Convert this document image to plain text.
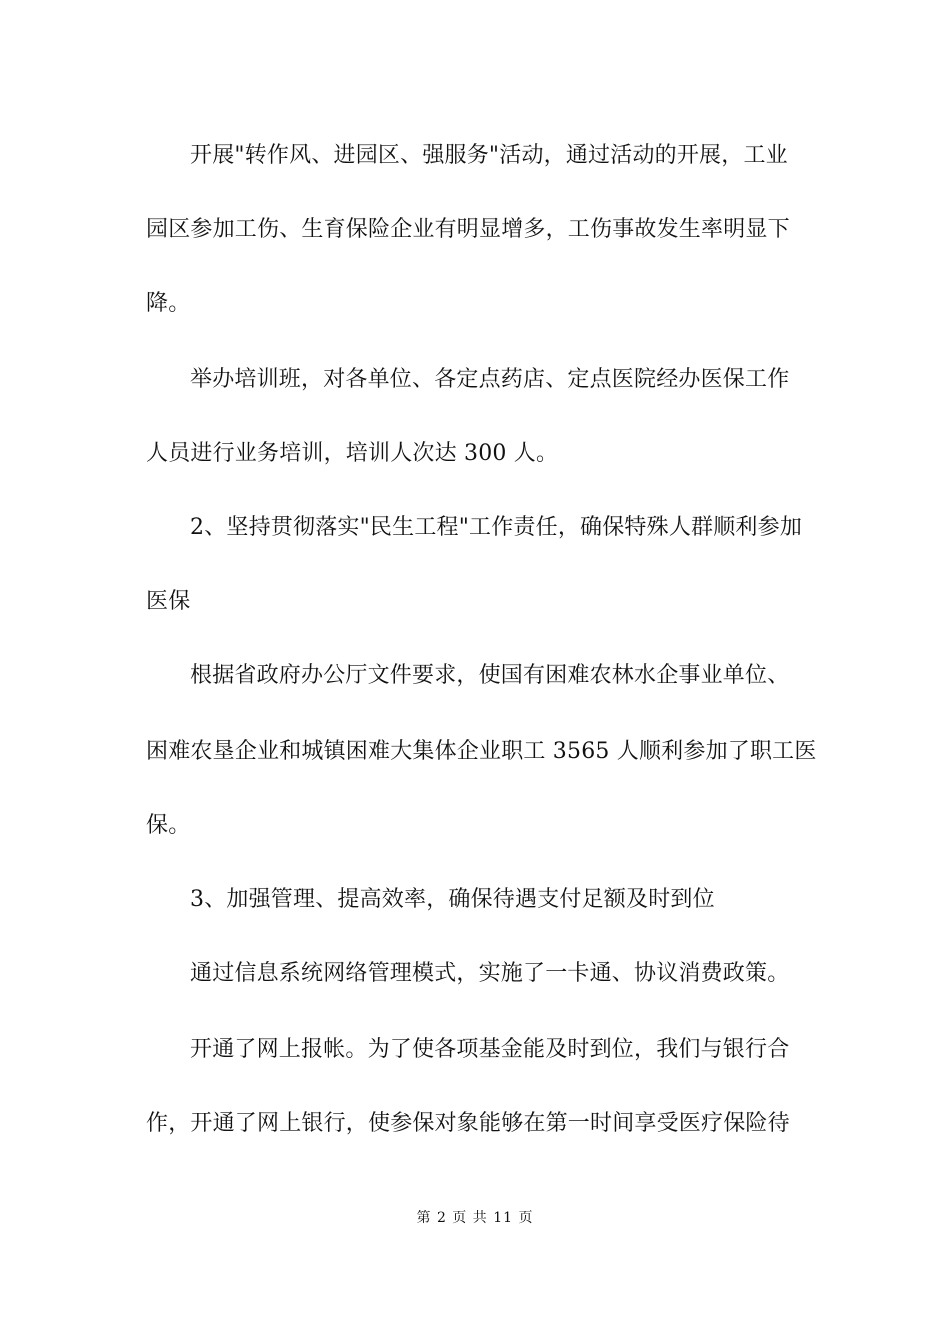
开展"转作风、进园区、强服务"活动，通过活动的开展，工业
园区参加工伤、生育保险企业有明显增多，工伤事故发生率明显下
降。
举办培训班，对各单位、各定点药店、定点医院经办医保工作
人员进行业务培训，培训人次达 300 人。
2、坚持贯彻落实"民生工程"工作责任，确保特殊人群顺利参加
医保
根据省政府办公厅文件要求，使国有困难农林水企事业单位、
困难农垦企业和城镇困难大集体企业职工 3565 人顺利参加了职工医
保。
3、加强管理、提高效率，确保待遇支付足额及时到位
通过信息系统网络管理模式，实施了一卡通、协议消费政策。
开通了网上报帐。为了使各项基金能及时到位，我们与银行合
作，开通了网上银行，使参保对象能够在第一时间享受医疗保险待
第 2 页 共 11 页
